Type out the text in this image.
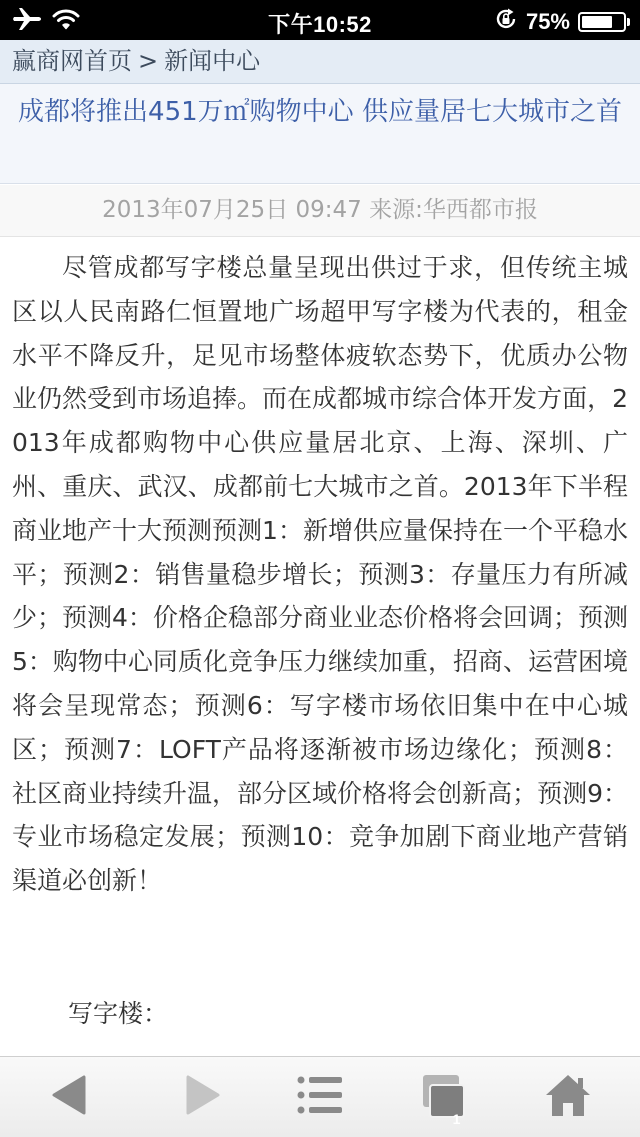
下午10:52	75%
赢商网首页 > 新闻中心
成都将推出451万㎡购物中心 供应量居七大城市之首
2013年07月25日 09:47 来源:华西都市报

尽管成都写字楼总量呈现出供过于求，但传统主城区以人民南路仁恒置地广场超甲写字楼为代表的，租金水平不降反升，足见市场整体疲软态势下，优质办公物业仍然受到市场追捧。而在成都城市综合体开发方面，2013年成都购物中心供应量居北京、上海、深圳、广州、重庆、武汉、成都前七大城市之首。2013年下半程商业地产十大预测预测1：新增供应量保持在一个平稳水平；预测2：销售量稳步增长；预测3：存量压力有所减少；预测4：价格企稳部分商业业态价格将会回调；预测5：购物中心同质化竞争压力继续加重，招商、运营困境将会呈现常态；预测6：写字楼市场依旧集中在中心城区；预测7：LOFT产品将逐渐被市场边缘化；预测8：社区商业持续升温，部分区域价格将会创新高；预测9：专业市场稳定发展；预测10：竞争加剧下商业地产营销渠道必创新！

写字楼：

1
